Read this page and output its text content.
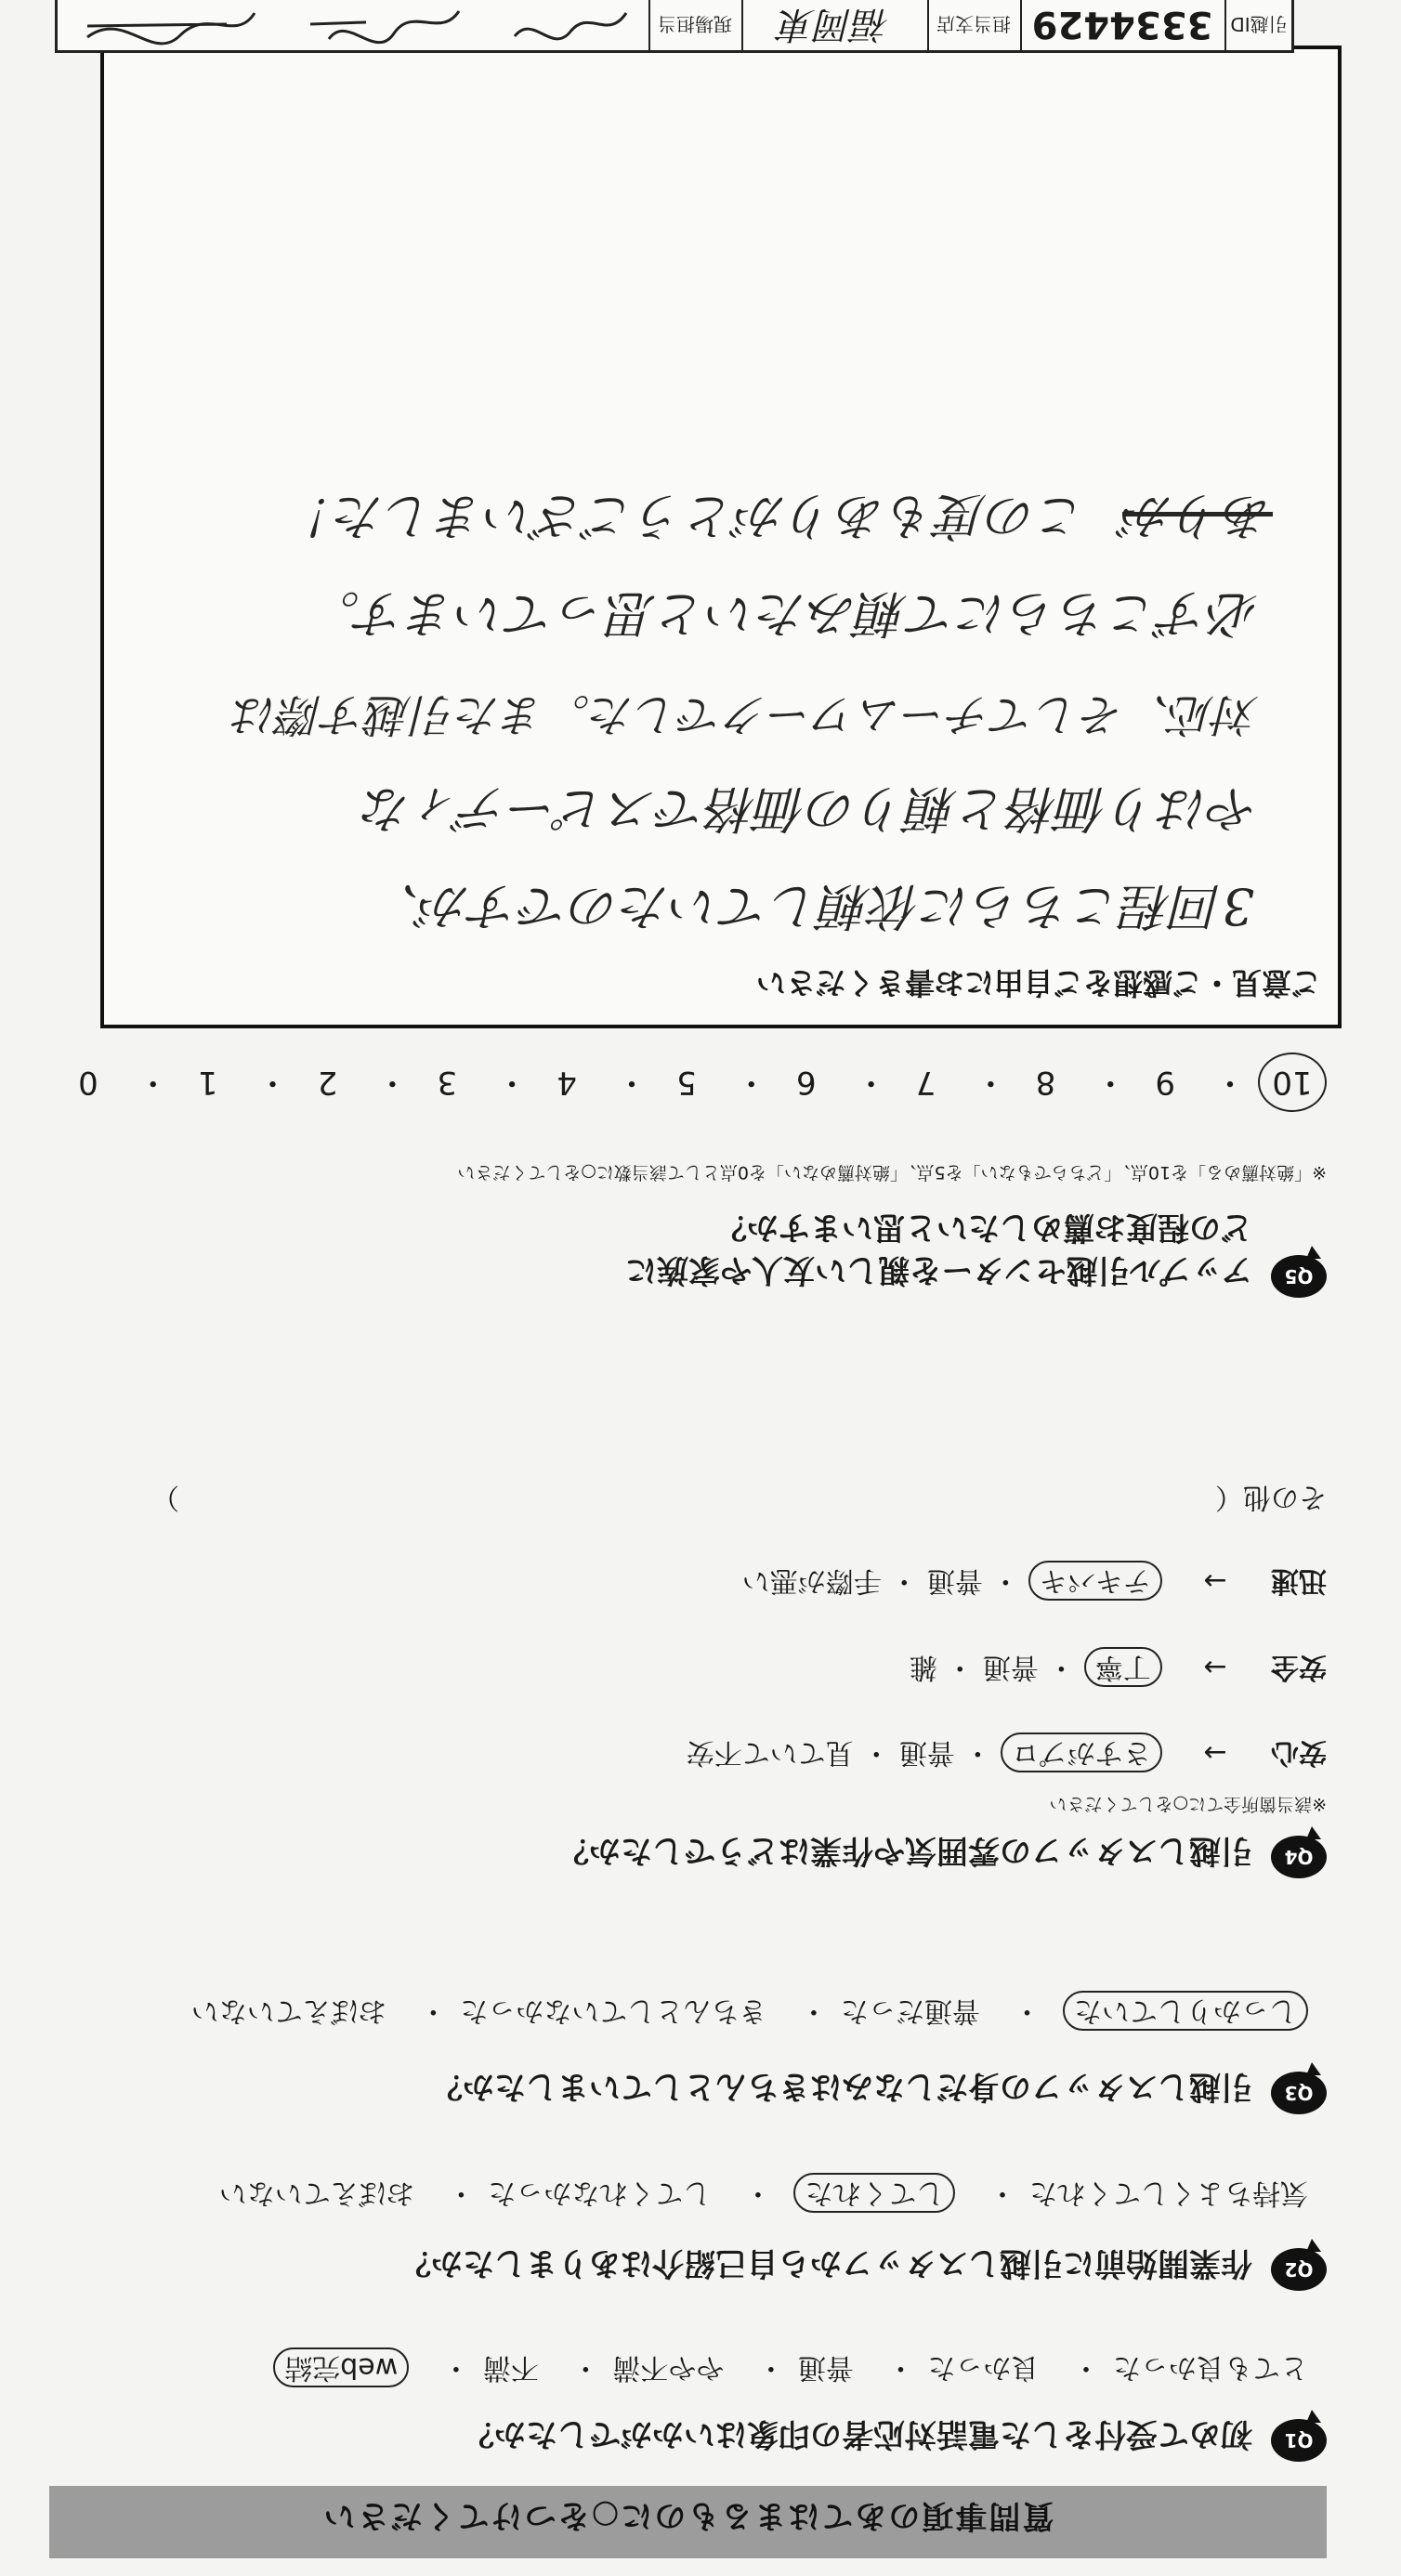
質問事項のあてはまるものに○をつけてください
Q1
初めて受付をした電話対応者の印象はいかがでしたか？
とても良かった・ 良かった・ 普通・ やや不満・ 不満・ web完結
Q2
作業開始前に引越しスタッフから自己紹介はありましたか？
気持ちよくしてくれた・ してくれた ・ してくれなかった・ おぼえていない
Q3
引越しスタッフの身だしなみはきちんとしていましたか？
しっかりしていた ・ 普通だった・ きちんとしていなかった・ おぼえていない
Q4
引越しスタッフの雰囲気や作業はどうでしたか？
※該当箇所全てに○をしてください
安心 → さすがプロ ・ 普通 ・ 見ていて不安
安全 → 丁寧 ・ 普通 ・ 雑
迅速 → テキパキ ・ 普通 ・ 手際が悪い
その他（
）
Q5
アップル引越センターを親しい友人や家族に
どの程度お薦めしたいと思いますか？
※「絶対薦める」を10点、「どちらでもない」を5点、「絶対薦めない」を0点として該当数に○をしてください
10・ 9・ 8・ 7・ 6・ 5・ 4・ 3・ 2・ 1・ 0
ご意見・ご感想をご自由にお書きください
3回程こちらに依頼していたのですが、
やはり価格と頼りの価格でスピーディな
対応、そしてチームワークでした。また引越す際は
必ずこちらにて頼みたいと思っています。
ありが
この度もありがとうございました！
引越ID
3334429
担当支店
福岡東
現場担当
